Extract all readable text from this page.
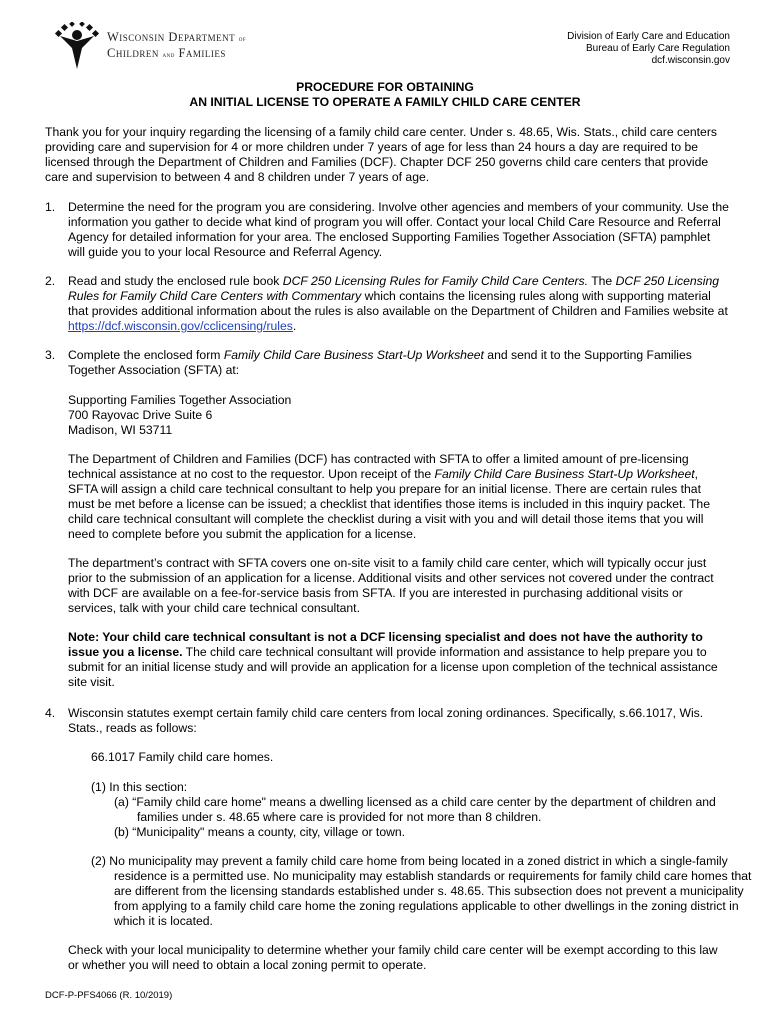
Wisconsin Department of
Children and Families
Division of Early Care and Education
Bureau of Early Care Regulation
dcf.wisconsin.gov
PROCEDURE FOR OBTAINING
AN INITIAL LICENSE TO OPERATE A FAMILY CHILD CARE CENTER

Thank you for your inquiry regarding the licensing of a family child care center. Under s. 48.65, Wis. Stats., child care centers providing care and supervision for 4 or more children under 7 years of age for less than 24 hours a day are required to be licensed through the Department of Children and Families (DCF). Chapter DCF 250 governs child care centers that provide care and supervision to between 4 and 8 children under 7 years of age.

1. Determine the need for the program you are considering. Involve other agencies and members of your community. Use the information you gather to decide what kind of program you will offer. Contact your local Child Care Resource and Referral Agency for detailed information for your area. The enclosed Supporting Families Together Association (SFTA) pamphlet will guide you to your local Resource and Referral Agency.

2. Read and study the enclosed rule book DCF 250 Licensing Rules for Family Child Care Centers. The DCF 250 Licensing Rules for Family Child Care Centers with Commentary which contains the licensing rules along with supporting material that provides additional information about the rules is also available on the Department of Children and Families website at https://dcf.wisconsin.gov/cclicensing/rules.

3. Complete the enclosed form Family Child Care Business Start-Up Worksheet and send it to the Supporting Families Together Association (SFTA) at:

Supporting Families Together Association
700 Rayovac Drive Suite 6
Madison, WI 53711

The Department of Children and Families (DCF) has contracted with SFTA to offer a limited amount of pre-licensing technical assistance at no cost to the requestor. Upon receipt of the Family Child Care Business Start-Up Worksheet, SFTA will assign a child care technical consultant to help you prepare for an initial license. There are certain rules that must be met before a license can be issued; a checklist that identifies those items is included in this inquiry packet. The child care technical consultant will complete the checklist during a visit with you and will detail those items that you will need to complete before you submit the application for a license.

The department’s contract with SFTA covers one on-site visit to a family child care center, which will typically occur just prior to the submission of an application for a license. Additional visits and other services not covered under the contract with DCF are available on a fee-for-service basis from SFTA. If you are interested in purchasing additional visits or services, talk with your child care technical consultant.

Note: Your child care technical consultant is not a DCF licensing specialist and does not have the authority to issue you a license. The child care technical consultant will provide information and assistance to help prepare you to submit for an initial license study and will provide an application for a license upon completion of the technical assistance site visit.

4. Wisconsin statutes exempt certain family child care centers from local zoning ordinances. Specifically, s.66.1017, Wis. Stats., reads as follows:

66.1017 Family child care homes.

(1) In this section:

(a) “Family child care home" means a dwelling licensed as a child care center by the department of children and families under s. 48.65 where care is provided for not more than 8 children.

(b) “Municipality" means a county, city, village or town.

(2) No municipality may prevent a family child care home from being located in a zoned district in which a single-family residence is a permitted use. No municipality may establish standards or requirements for family child care homes that are different from the licensing standards established under s. 48.65. This subsection does not prevent a municipality from applying to a family child care home the zoning regulations applicable to other dwellings in the zoning district in which it is located.

Check with your local municipality to determine whether your family child care center will be exempt according to this law or whether you will need to obtain a local zoning permit to operate.

DCF-P-PFS4066 (R. 10/2019)
